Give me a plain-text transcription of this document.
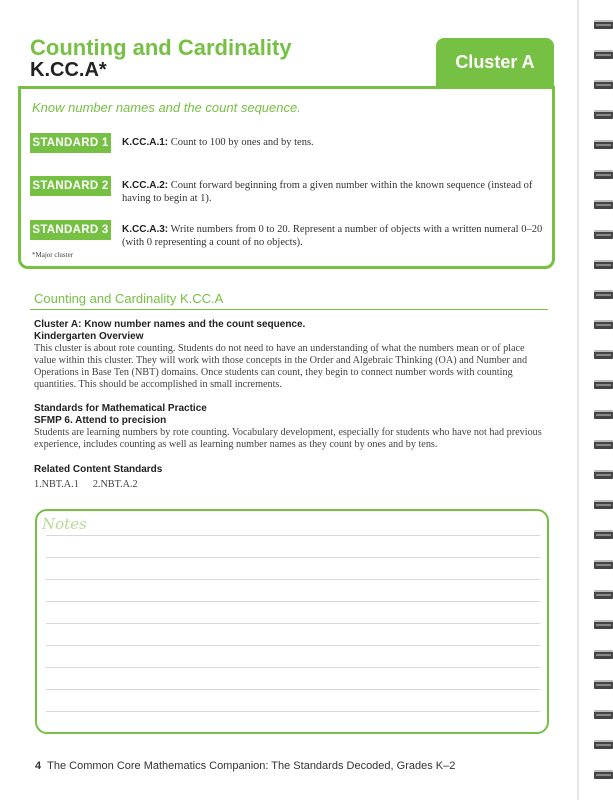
Counting and Cardinality
K.CC.A*	Cluster A
Know number names and the count sequence.
STANDARD 1 K.CC.A.1: Count to 100 by ones and by tens.
STANDARD 2 K.CC.A.2: Count forward beginning from a given number within the known sequence (instead of having to begin at 1).
STANDARD 3 K.CC.A.3: Write numbers from 0 to 20. Represent a number of objects with a written numeral 0–20 (with 0 representing a count of no objects).
*Major cluster
Counting and Cardinality K.CC.A
Cluster A: Know number names and the count sequence.
Kindergarten Overview
This cluster is about rote counting. Students do not need to have an understanding of what the numbers mean or of place value within this cluster. They will work with those concepts in the Order and Algebraic Thinking (OA) and Number and Operations in Base Ten (NBT) domains. Once students can count, they begin to connect number words with counting quantities. This should be accomplished in small increments.
Standards for Mathematical Practice
SFMP 6. Attend to precision
Students are learning numbers by rote counting. Vocabulary development, especially for students who have not had previous experience, includes counting as well as learning number names as they count by ones and by tens.
Related Content Standards
1.NBT.A.1 2.NBT.A.2
Notes
4 The Common Core Mathematics Companion: The Standards Decoded, Grades K–2
